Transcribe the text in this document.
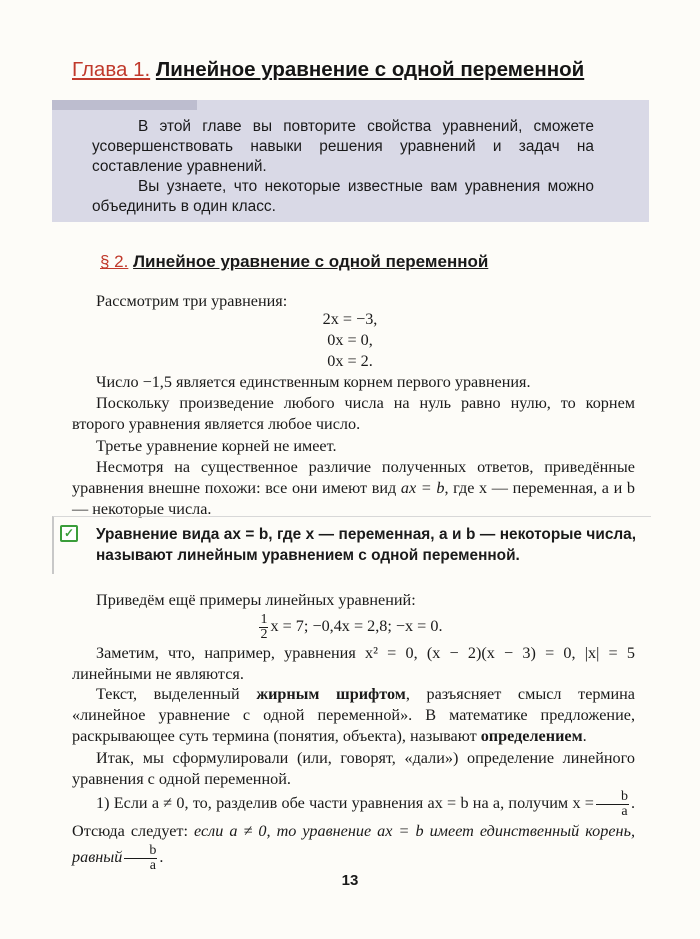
Глава 1. Линейное уравнение с одной переменной

В этой главе вы повторите свойства уравнений, сможете усовершенствовать навыки решения уравнений и задач на составление уравнений.

Вы узнаете, что некоторые известные вам уравнения можно объединить в один класс.

§ 2. Линейное уравнение с одной переменной

Рассмотрим три уравнения:

2x = −3,
0x = 0,
0x = 2.

Число −1,5 является единственным корнем первого уравнения.

Поскольку произведение любого числа на нуль равно нулю, то корнем второго уравнения является любое число.

Третье уравнение корней не имеет.

Несмотря на существенное различие полученных ответов, приведённые уравнения внешне похожи: все они имеют вид ax = b, где x — переменная, a и b — некоторые числа.

✓ Уравнение вида ax = b, где x — переменная, a и b — некоторые числа, называют линейным уравнением с одной переменной.

Приведём ещё примеры линейных уравнений:

$\frac{1}{2}$ x = 7; −0,4x = 2,8; −x = 0.

Заметим, что, например, уравнения x² = 0, (x − 2)(x − 3) = 0, |x| = 5 линейными не являются.

Текст, выделенный жирным шрифтом, разъясняет смысл термина «линейное уравнение с одной переменной». В математике предложение, раскрывающее суть термина (понятия, объекта), называют определением.

Итак, мы сформулировали (или, говорят, «дали») определение линейного уравнения с одной переменной.

1) Если a ≠ 0, то, разделив обе части уравнения ax = b на a, получим $x = \frac{b}{a}$ . Отсюда следует: если a ≠ 0, то уравнение ax = b имеет единственный корень, равный $\frac{b}{a}$ .

13
